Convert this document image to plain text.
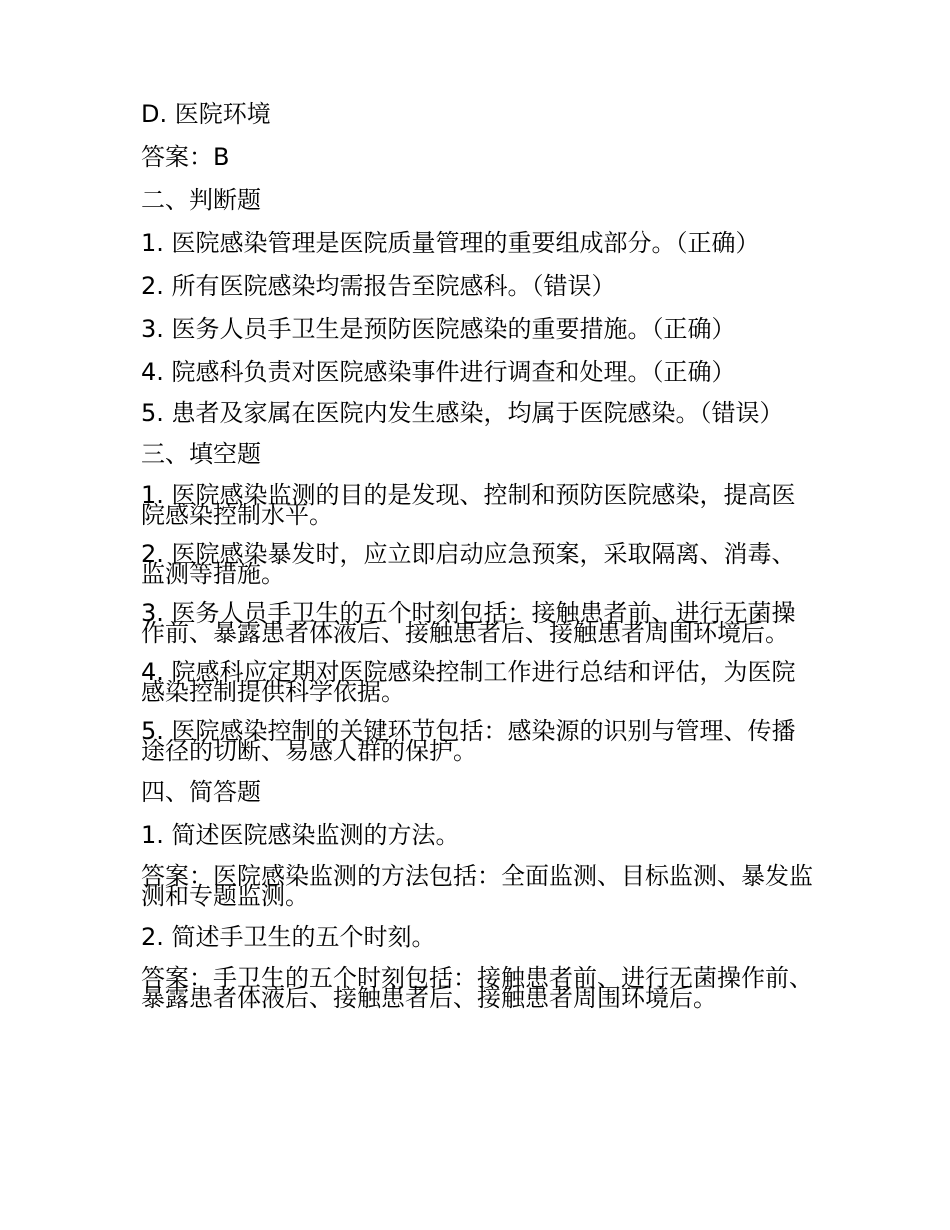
D. 医院环境

答案：B

二、判断题

1. 医院感染管理是医院质量管理的重要组成部分。（正确）

2. 所有医院感染均需报告至院感科。（错误）

3. 医务人员手卫生是预防医院感染的重要措施。（正确）

4. 院感科负责对医院感染事件进行调查和处理。（正确）

5. 患者及家属在医院内发生感染，均属于医院感染。（错误）

三、填空题

1. 医院感染监测的目的是发现、控制和预防医院感染，提高医院感染控制水平。

2. 医院感染暴发时，应立即启动应急预案，采取隔离、消毒、监测等措施。

3. 医务人员手卫生的五个时刻包括：接触患者前、进行无菌操作前、暴露患者体液后、接触患者后、接触患者周围环境后。

4. 院感科应定期对医院感染控制工作进行总结和评估，为医院感染控制提供科学依据。

5. 医院感染控制的关键环节包括：感染源的识别与管理、传播途径的切断、易感人群的保护。

四、简答题

1. 简述医院感染监测的方法。

答案：医院感染监测的方法包括：全面监测、目标监测、暴发监测和专题监测。

2. 简述手卫生的五个时刻。

答案：手卫生的五个时刻包括：接触患者前、进行无菌操作前、暴露患者体液后、接触患者后、接触患者周围环境后。
